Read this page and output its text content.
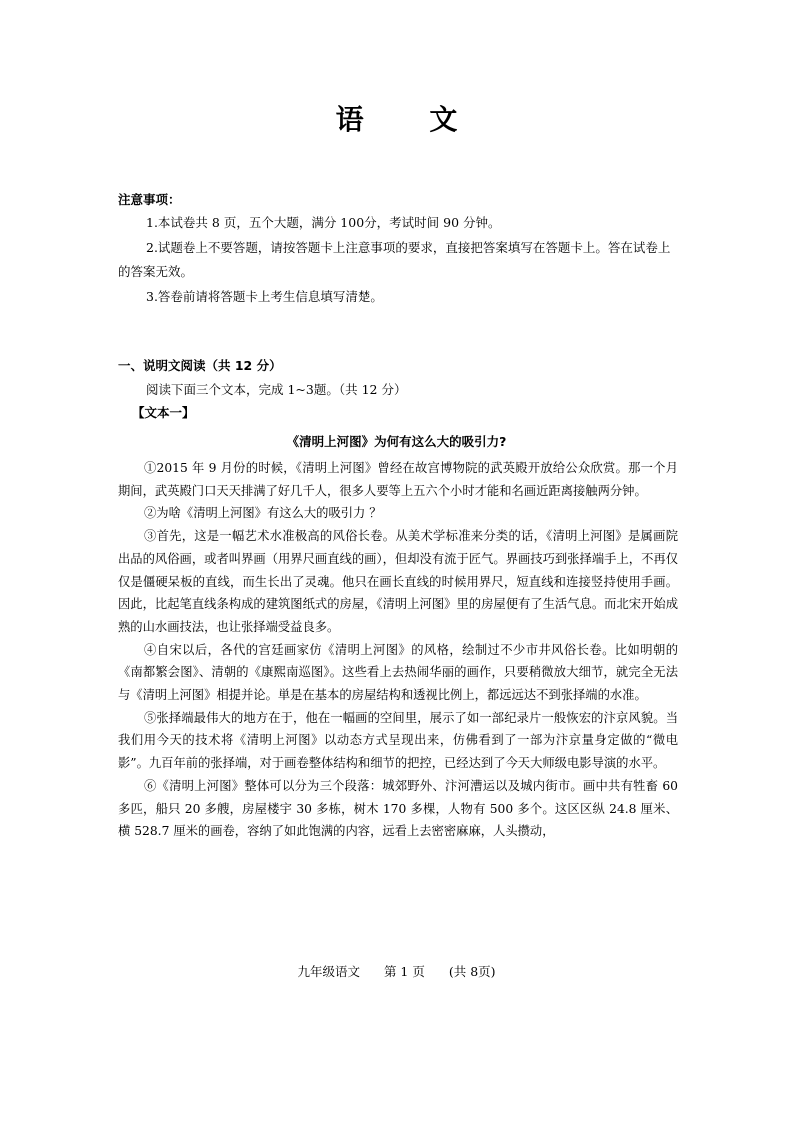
语 文
注意事项：

1.本试卷共 8 页，五个大题，满分 100分，考试时间 90 分钟。

2.试题卷上不要答题，请按答题卡上注意事项的要求，直接把答案填写在答题卡上。答在试卷上的答案无效。

3.答卷前请将答题卡上考生信息填写清楚。

一、说明文阅读（共 12 分）
阅读下面三个文本，完成 1~3题。（共 12 分）
【文本一】
《清明上河图》为何有这么大的吸引力?

①2015 年 9 月份的时候，《清明上河图》曾经在故宫博物院的武英殿开放给公众欣赏。那一个月期间，武英殿门口天天排满了好几千人，很多人要等上五六个小时才能和名画近距离接触两分钟。

②为啥《清明上河图》有这么大的吸引力 ？

③首先，这是一幅艺术水准极高的风俗长卷。从美术学标准来分类的话，《清明上河图》是属画院出品的风俗画，或者叫界画（用界尺画直线的画），但却没有流于匠气。界画技巧到张择端手上，不再仅仅是僵硬呆板的直线，而生长出了灵魂。他只在画长直线的时候用界尺，短直线和连接竖持使用手画。因此，比起笔直线条构成的建筑图纸式的房屋，《清明上河图》里的房屋便有了生活气息。而北宋开始成熟的山水画技法，也让张择端受益良多。

④自宋以后，各代的宫廷画家仿《清明上河图》的风格，绘制过不少市井风俗长卷。比如明朝的《南都繁会图》、清朝的《康熙南巡图》。这些看上去热闹华丽的画作，只要稍微放大细节，就完全无法与《清明上河图》相提并论。単是在基本的房屋结构和透视比例上，都远远达不到张择端的水准。

⑤张择端最伟大的地方在于，他在一幅画的空间里，展示了如一部纪录片一般恢宏的汴京风貌。当我们用今天的技术将《清明上河图》以动态方式呈现出来，仿佛看到了一部为汴京量身定做的“微电影”。九百年前的张择端，对于画卷整体结构和细节的把控，已经达到了今天大师级电影导演的水平。

⑥《清明上河图》整体可以分为三个段落：城郊野外、汴河漕运以及城内街市。画中共有牲畜 60 多匹，船只 20 多艘，房屋楼宇 30 多栋，树木 170 多棵，人物有 500 多个。这区区纵 24.8 厘米、横 528.7 厘米的画卷，容纳了如此饱满的内容，远看上去密密麻麻，人头攒动，

九年级语文 第 1 页 (共 8页)
